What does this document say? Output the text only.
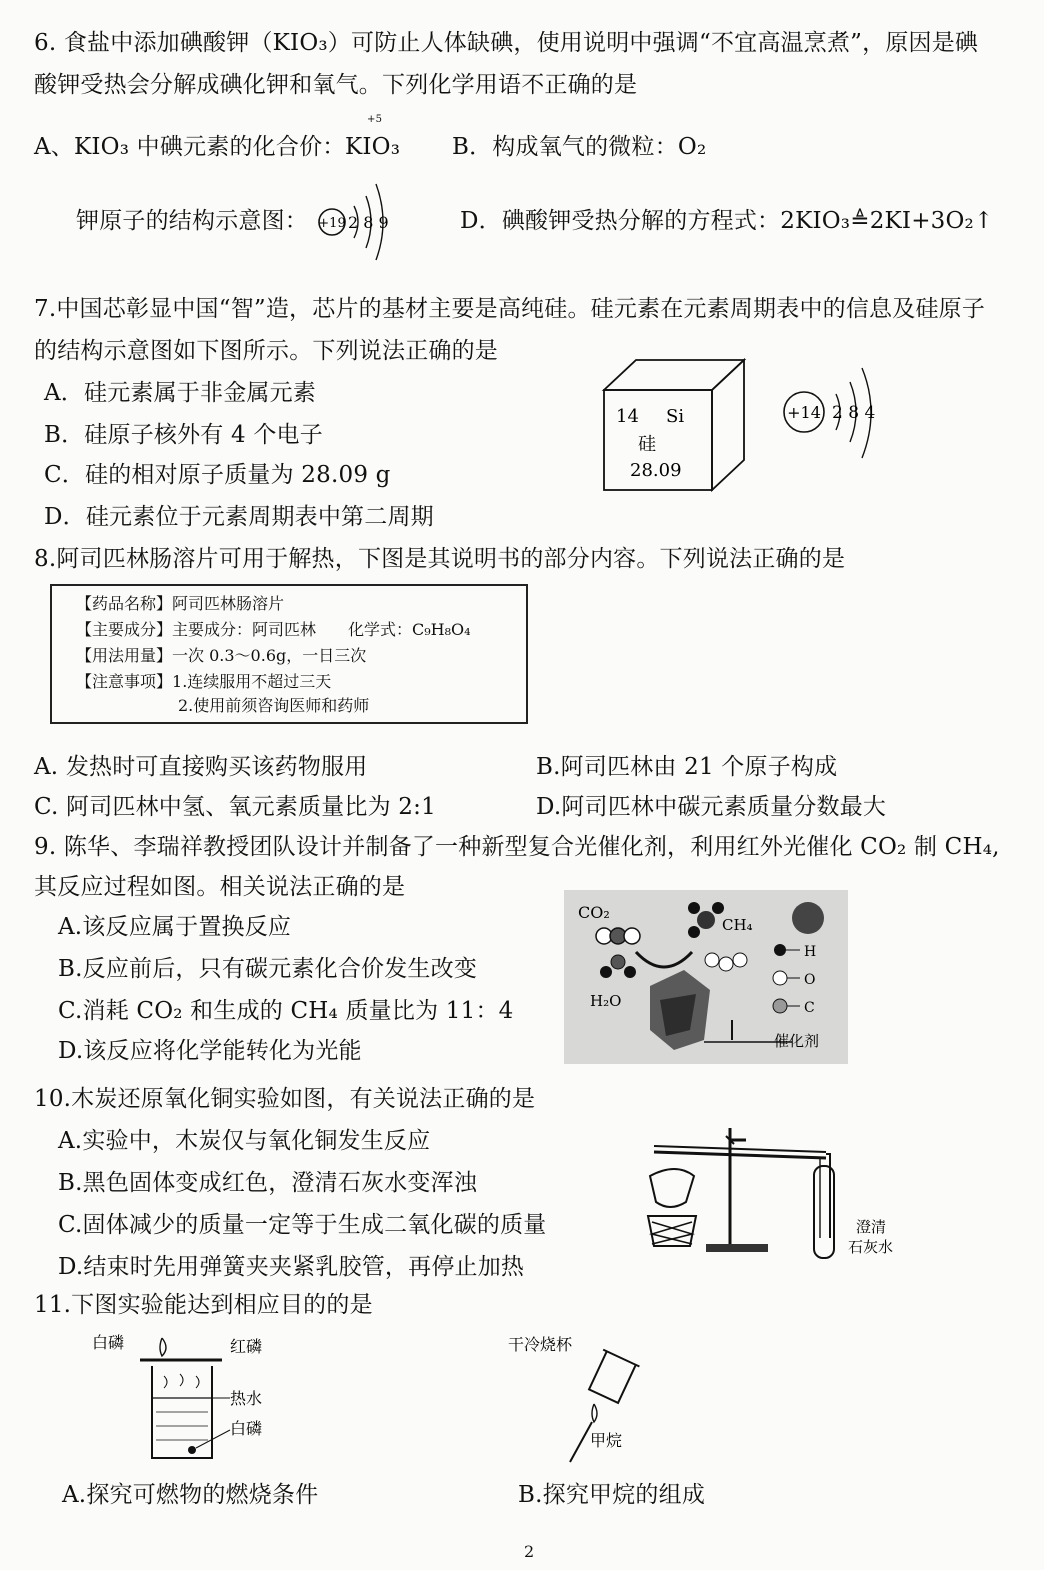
6. 食盐中添加碘酸钾（KIO₃）可防止人体缺碘，使用说明中强调“不宜高温烹煮”，原因是碘
酸钾受热会分解成碘化钾和氧气。下列化学用语不正确的是
A、KIO₃ 中碘元素的化合价：
+5
KIO₃ B．构成氧气的微粒：O₂
钾原子的结构示意图： +19 2 8 9	D．碘酸钾受热分解的方程式：2KIO₃≜2KI+3O₂↑
7.中国芯彰显中国“智”造，芯片的基材主要是高纯硅。硅元素在元素周期表中的信息及硅原子
的结构示意图如下图所示。下列说法正确的是
A．硅元素属于非金属元素
B．硅原子核外有 4 个电子
C．硅的相对原子质量为 28.09 g
D．硅元素位于元素周期表中第二周期
14 Si
硅
28.09
+14 2 8 4
8.阿司匹林肠溶片可用于解热，下图是其说明书的部分内容。下列说法正确的是
【药品名称】阿司匹林肠溶片
【主要成分】主要成分：阿司匹林　　化学式：C₉H₈O₄
【用法用量】一次 0.3～0.6g，一日三次
【注意事项】1.连续服用不超过三天
2.使用前须咨询医师和药师
A. 发热时可直接购买该药物服用	B.阿司匹林由 21 个原子构成
C. 阿司匹林中氢、氧元素质量比为 2:1	D.阿司匹林中碳元素质量分数最大
9. 陈华、李瑞祥教授团队设计并制备了一种新型复合光催化剂，利用红外光催化 CO₂ 制 CH₄,
其反应过程如图。相关说法正确的是
A.该反应属于置换反应
B.反应前后，只有碳元素化合价发生改变
C.消耗 CO₂ 和生成的 CH₄ 质量比为 11：4
D.该反应将化学能转化为光能
CO₂
CH₄
H₂O
H
O
C
催化剂
10.木炭还原氧化铜实验如图，有关说法正确的是
A.实验中，木炭仅与氧化铜发生反应
B.黑色固体变成红色，澄清石灰水变浑浊
C.固体减少的质量一定等于生成二氧化碳的质量
D.结束时先用弹簧夹夹紧乳胶管，再停止加热
澄清
石灰水
11.下图实验能达到相应目的的是
白磷	红磷
热水
白磷
干冷烧杯
甲烷
A.探究可燃物的燃烧条件	B.探究甲烷的组成
2
